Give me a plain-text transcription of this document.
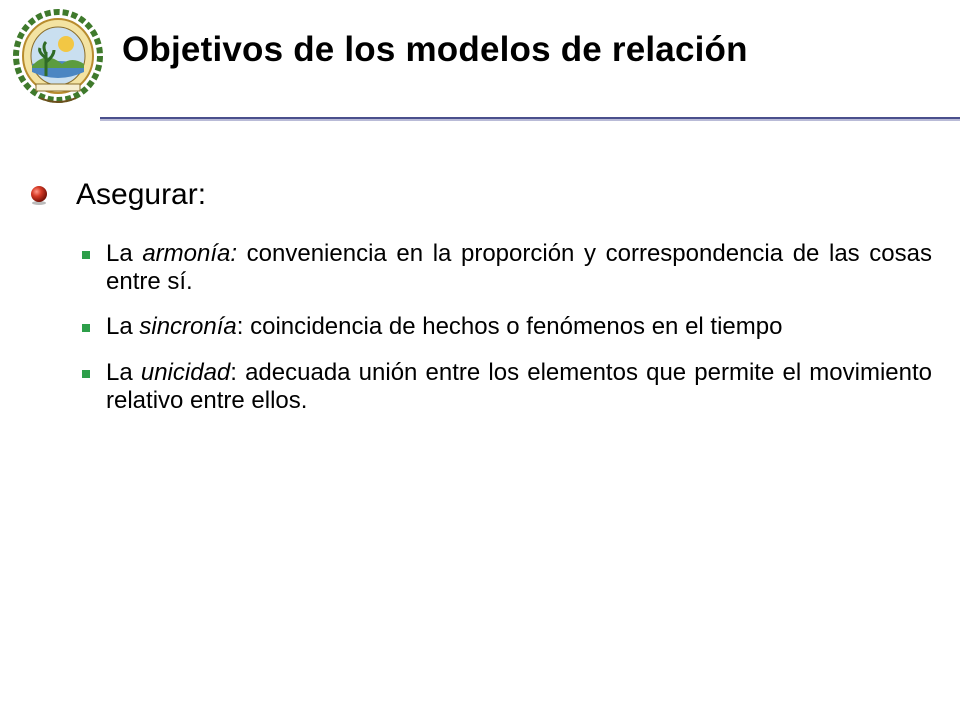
Objetivos de los modelos de relación
Asegurar:

La armonía: conveniencia en la proporción y correspondencia de las cosas entre sí.

La sincronía: coincidencia de hechos o fenómenos en el tiempo

La unicidad: adecuada unión entre los elementos que permite el movimiento relativo entre ellos.
